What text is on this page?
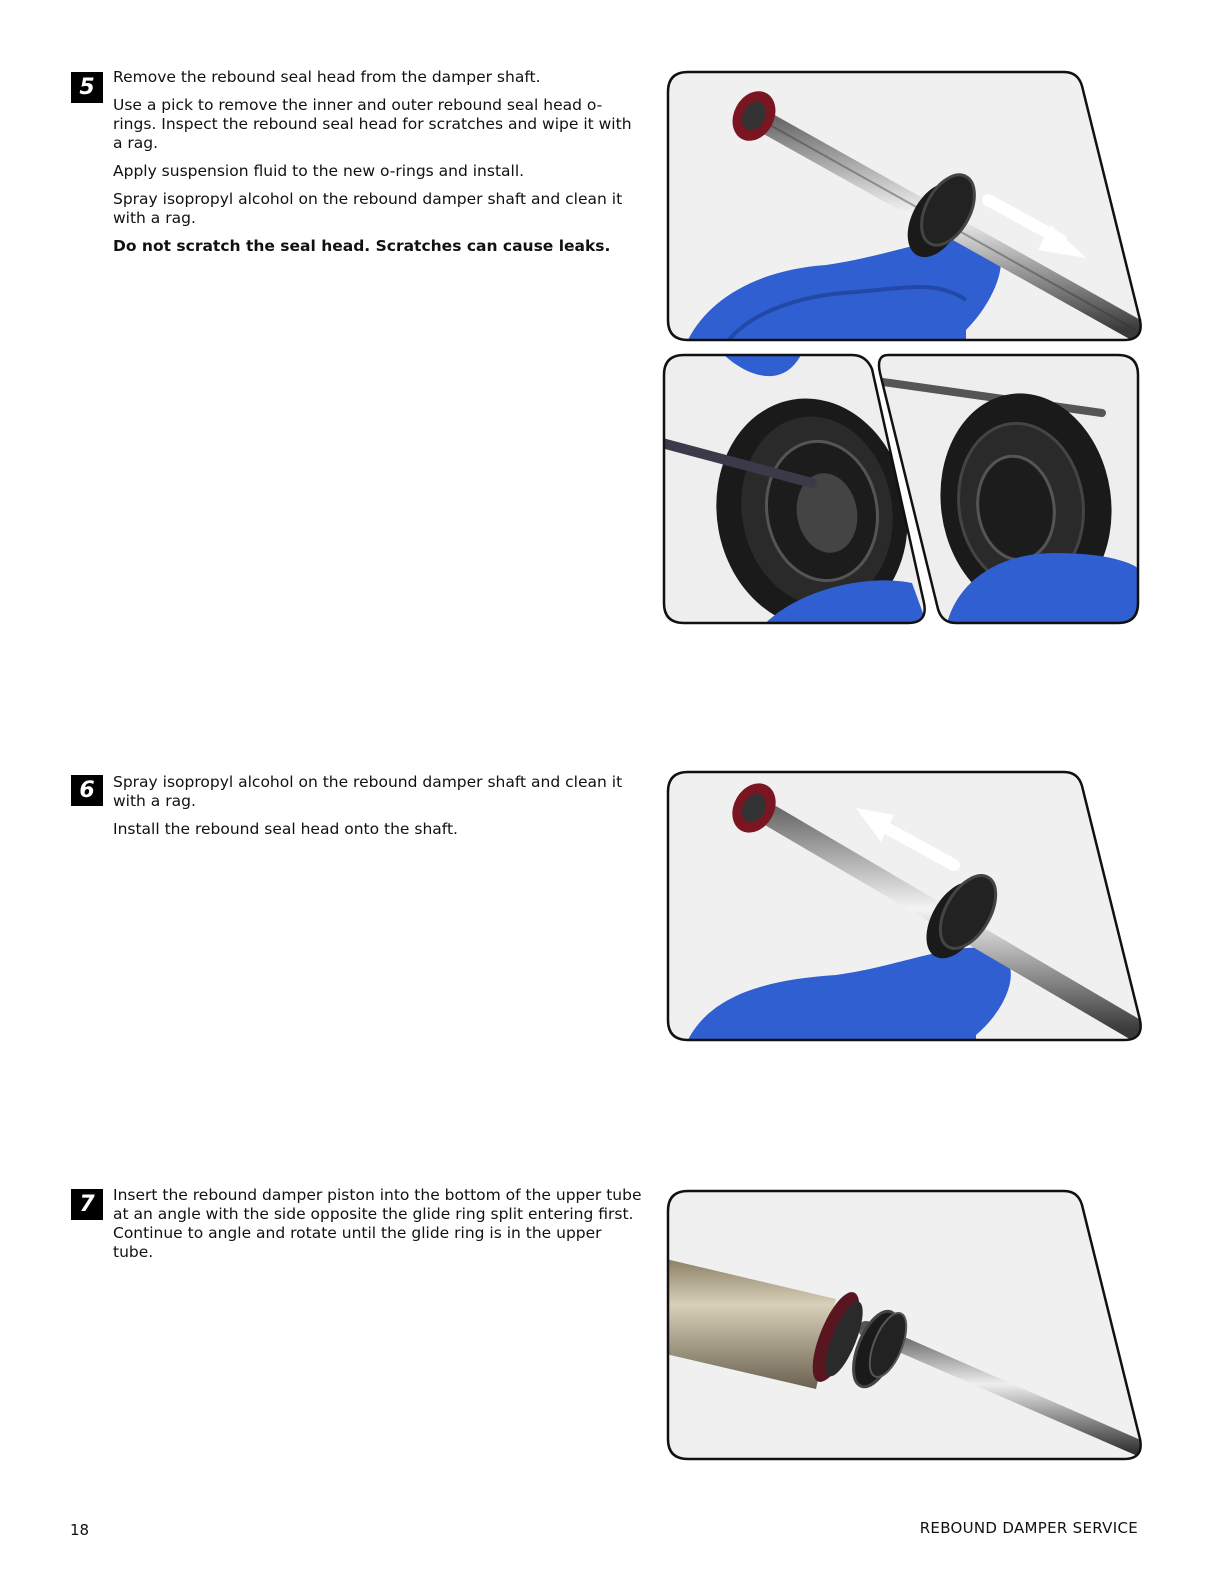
5	Remove the rebound seal head from the damper shaft.

Use a pick to remove the inner and outer rebound seal head o-rings. Inspect the rebound seal head for scratches and wipe it with a rag.

Apply suspension fluid to the new o-rings and install.

Spray isopropyl alcohol on the rebound damper shaft and clean it with a rag.

Do not scratch the seal head. Scratches can cause leaks.

6	Spray isopropyl alcohol on the rebound damper shaft and clean it with a rag.

Install the rebound seal head onto the shaft.

7	Insert the rebound damper piston into the bottom of the upper tube at an angle with the side opposite the glide ring split entering first. Continue to angle and rotate until the glide ring is in the upper tube.

18	REBOUND DAMPER SERVICE
